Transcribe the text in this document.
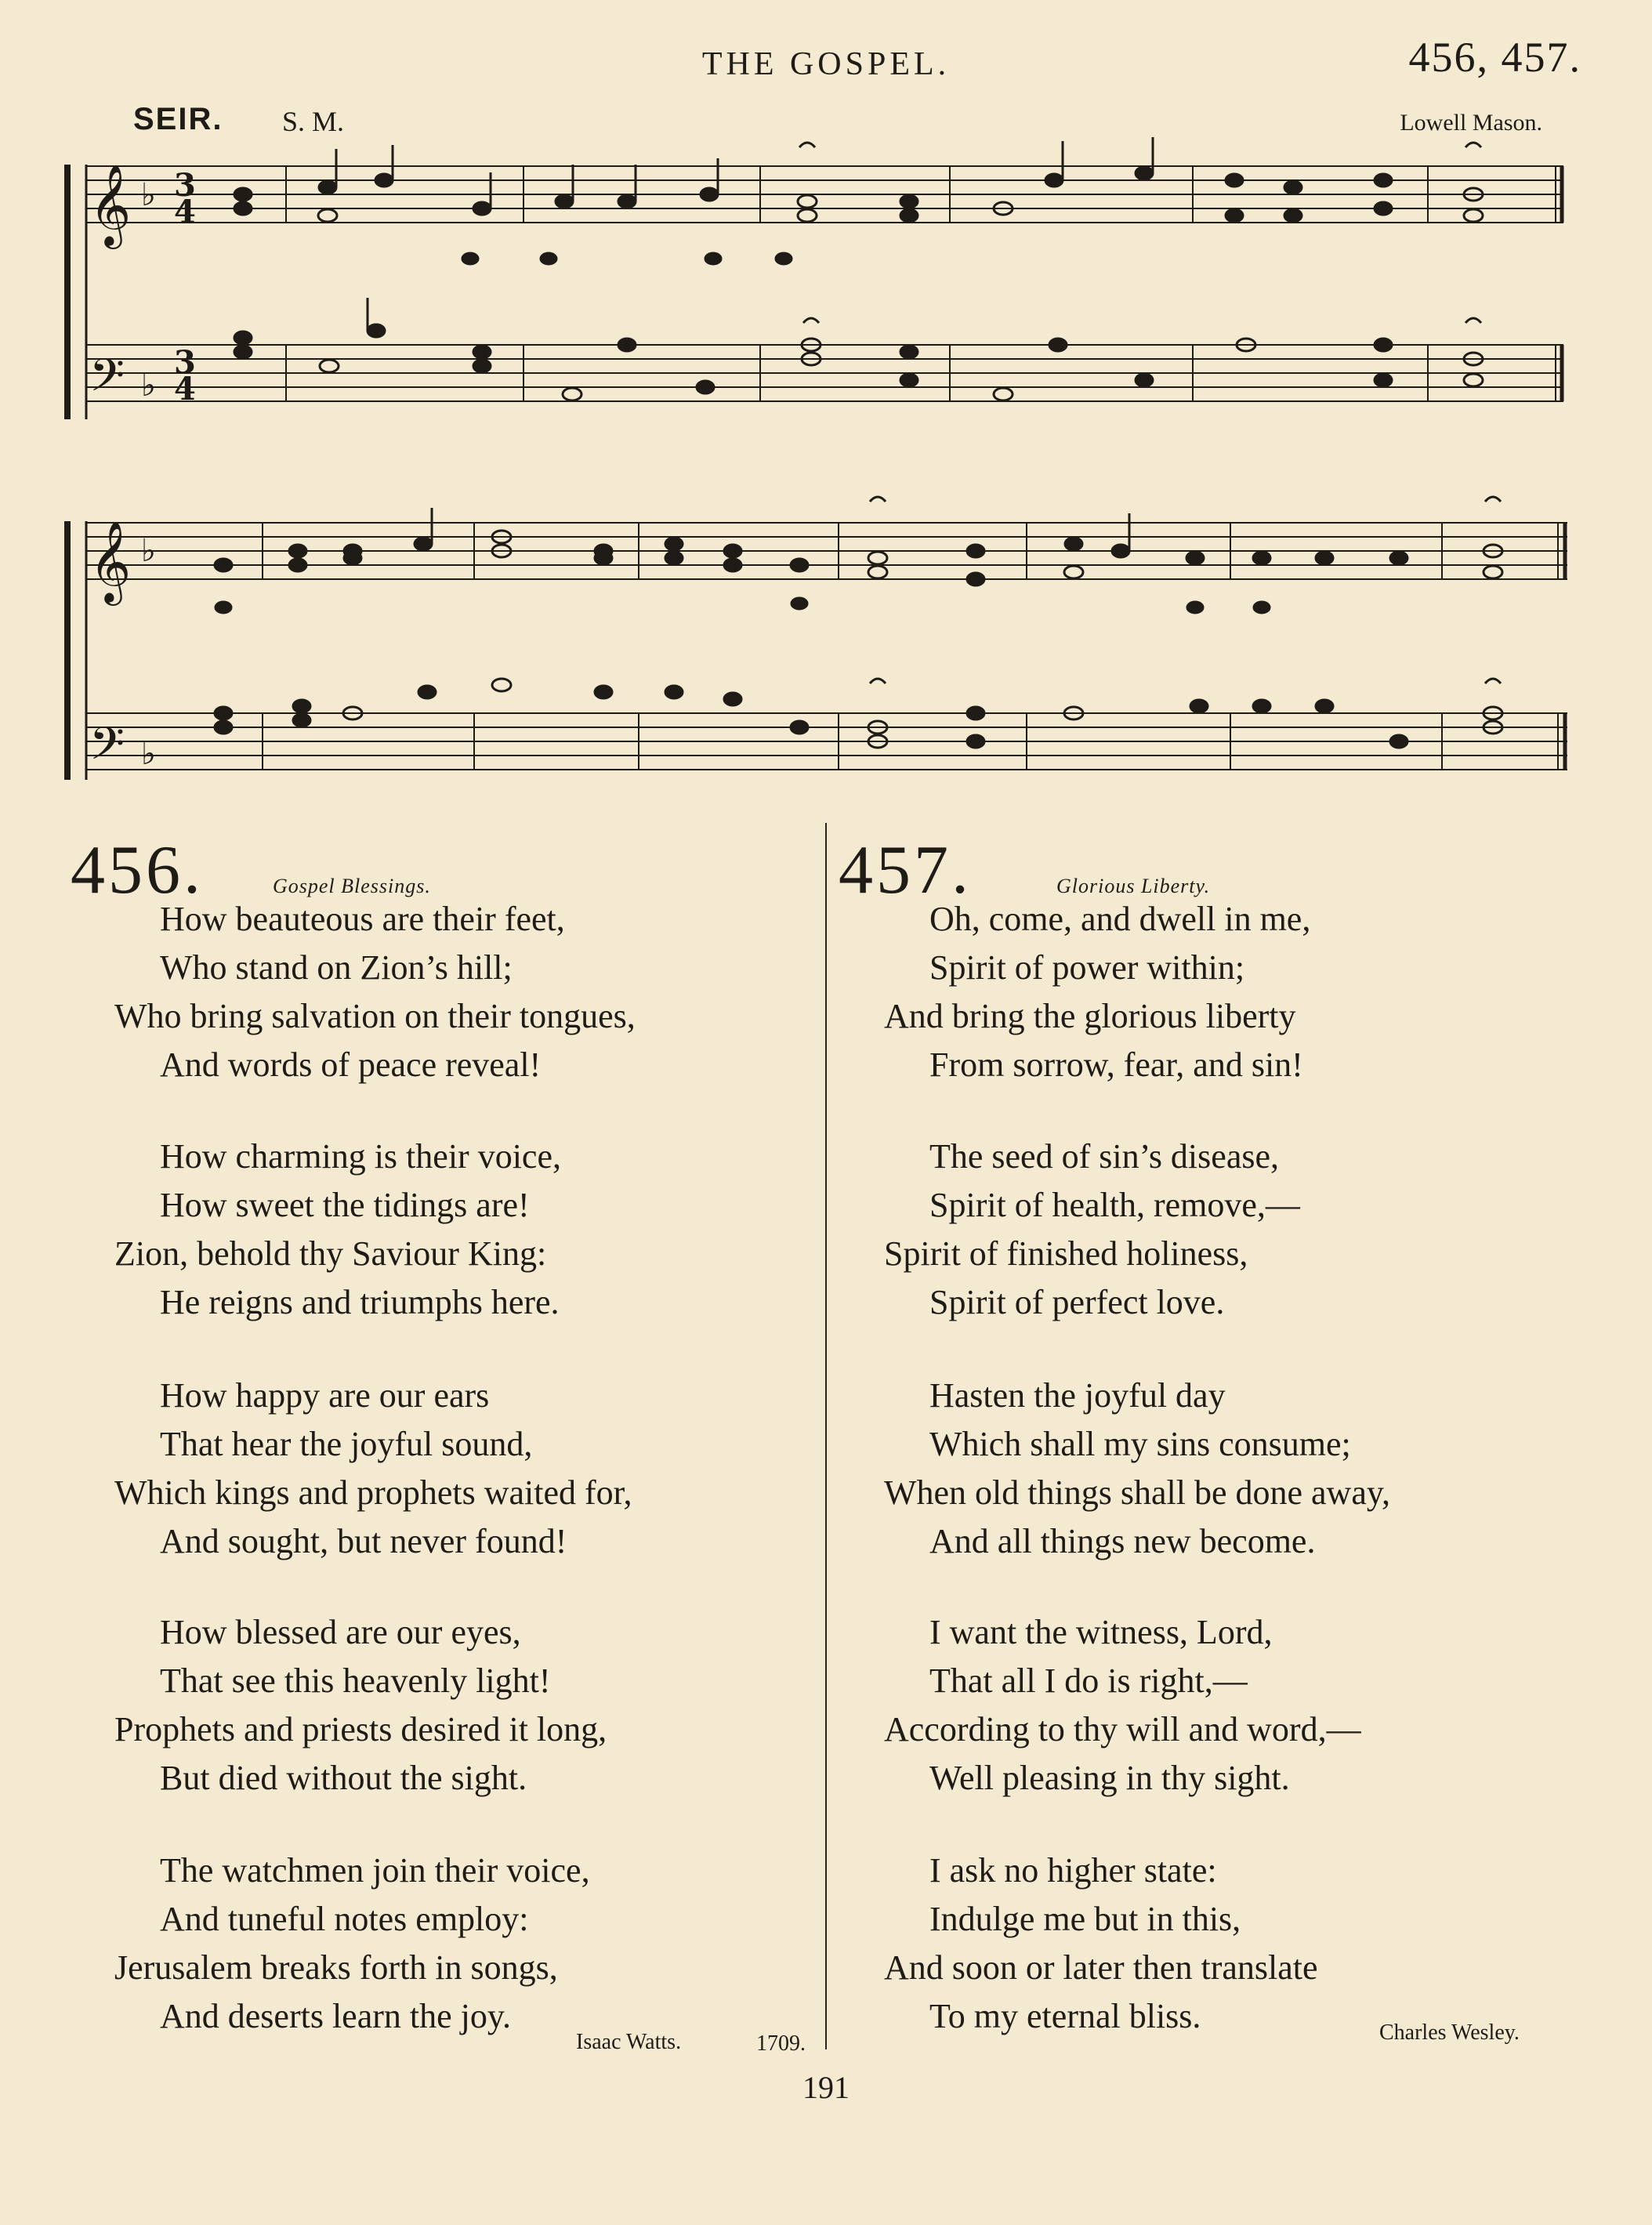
THE GOSPEL.	456, 457.
SEIR. S. M.	Lowell Mason.
𝄞
𝄢
3
4
3
4
♭
♭
𝄞
𝄢
♭
♭
456.	Gospel Blessings.
How beauteous are their feet,
Who stand on Zion’s hill;
Who bring salvation on their tongues,
And words of peace reveal!
How charming is their voice,
How sweet the tidings are!
Zion, behold thy Saviour King:
He reigns and triumphs here.
How happy are our ears
That hear the joyful sound,
Which kings and prophets waited for,
And sought, but never found!
How blessed are our eyes,
That see this heavenly light!
Prophets and priests desired it long,
But died without the sight.
The watchmen join their voice,
And tuneful notes employ:
Jerusalem breaks forth in songs,
And deserts learn the joy.
Isaac Watts.	1709.
457.	Glorious Liberty.
Oh, come, and dwell in me,
Spirit of power within;
And bring the glorious liberty
From sorrow, fear, and sin!
The seed of sin’s disease,
Spirit of health, remove,—
Spirit of finished holiness,
Spirit of perfect love.
Hasten the joyful day
Which shall my sins consume;
When old things shall be done away,
And all things new become.
I want the witness, Lord,
That all I do is right,—
According to thy will and word,—
Well pleasing in thy sight.
I ask no higher state:
Indulge me but in this,
And soon or later then translate
To my eternal bliss.	Charles Wesley.
191
